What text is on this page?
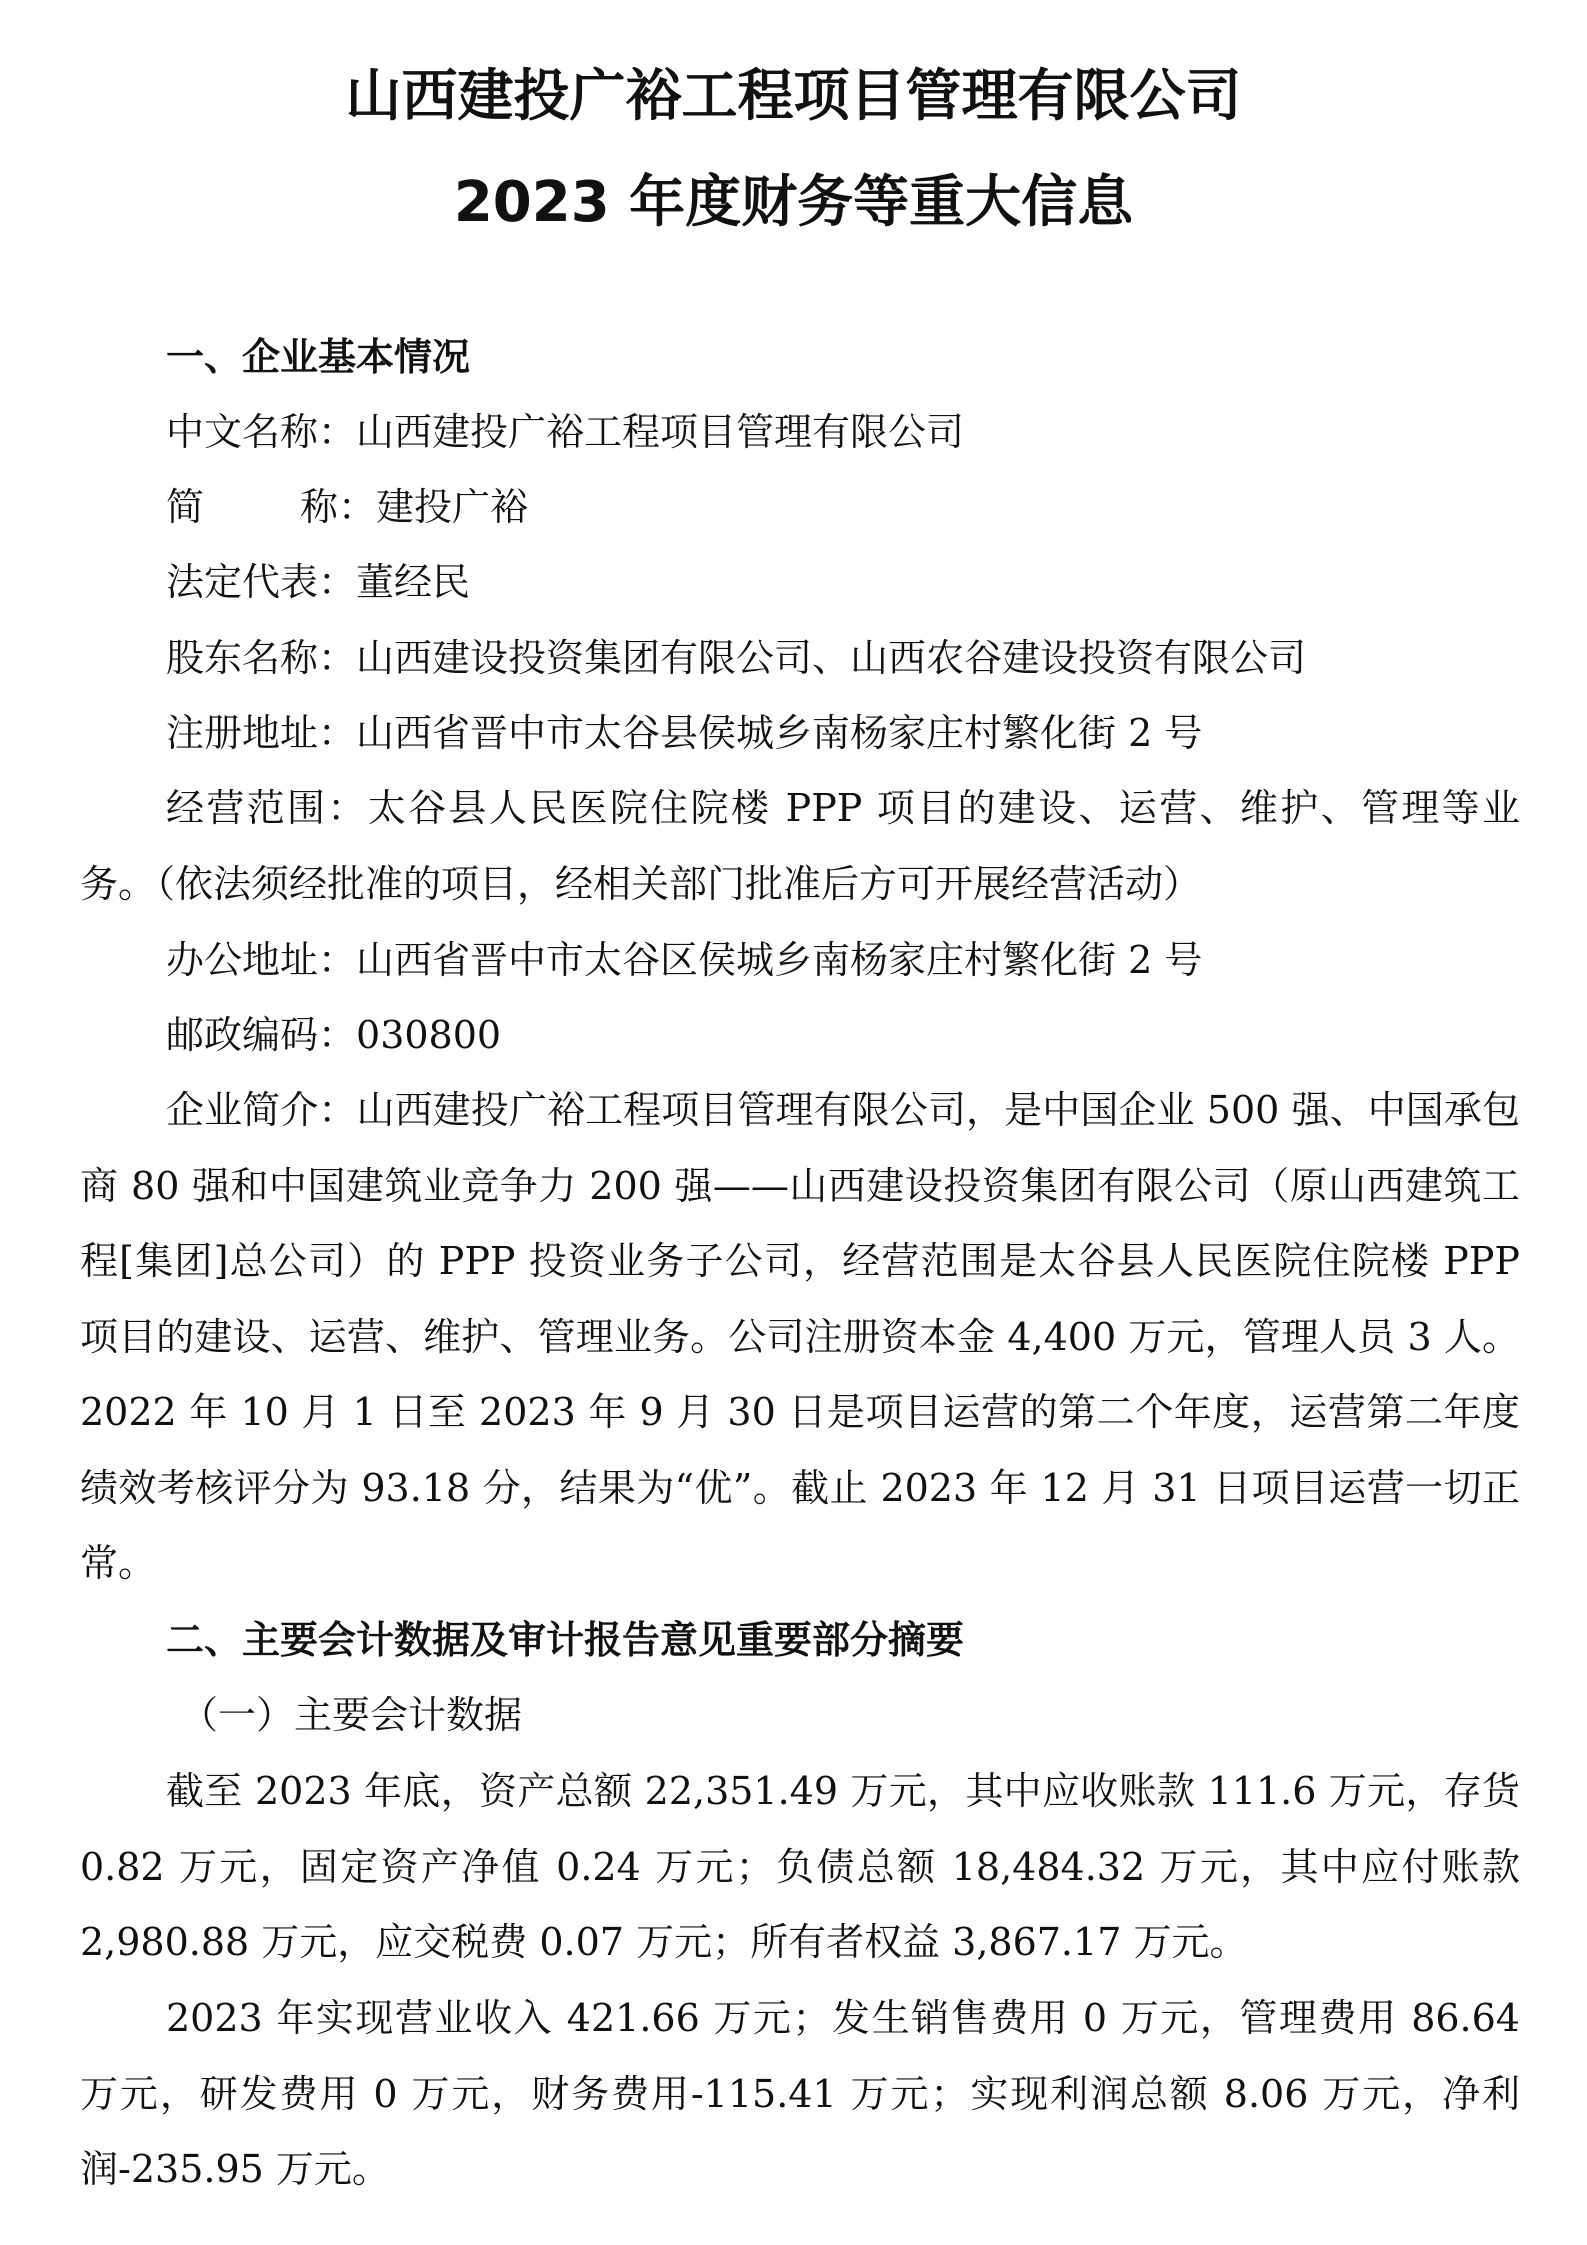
山西建投广裕工程项目管理有限公司
2023 年度财务等重大信息
一、企业基本情况
中文名称：山西建投广裕工程项目管理有限公司
简	称：建投广裕
法定代表：董经民
股东名称：山西建设投资集团有限公司、山西农谷建设投资有限公司
注册地址：山西省晋中市太谷县侯城乡南杨家庄村繁化街 2 号

经营范围：太谷县人民医院住院楼 PPP 项目的建设、运营、维护、管理等业务。（依法须经批准的项目，经相关部门批准后方可开展经营活动）

办公地址：山西省晋中市太谷区侯城乡南杨家庄村繁化街 2 号
邮政编码：030800

企业简介：山西建投广裕工程项目管理有限公司，是中国企业 500 强、中国承包商 80 强和中国建筑业竞争力 200 强——山西建设投资集团有限公司（原山西建筑工程[集团]总公司）的 PPP 投资业务子公司，经营范围是太谷县人民医院住院楼 PPP 项目的建设、运营、维护、管理业务。公司注册资本金 4,400 万元，管理人员 3 人。2022 年 10 月 1 日至 2023 年 9 月 30 日是项目运营的第二个年度，运营第二年度绩效考核评分为 93.18 分，结果为“优”。截止 2023 年 12 月 31 日项目运营一切正常。

二、主要会计数据及审计报告意见重要部分摘要
（一）主要会计数据

截至 2023 年底，资产总额 22,351.49 万元，其中应收账款 111.6 万元，存货 0.82 万元，固定资产净值 0.24 万元；负债总额 18,484.32 万元，其中应付账款 2,980.88 万元，应交税费 0.07 万元；所有者权益 3,867.17 万元。

2023 年实现营业收入 421.66 万元；发生销售费用 0 万元，管理费用 86.64 万元，研发费用 0 万元，财务费用-115.41 万元；实现利润总额 8.06 万元，净利润-235.95 万元。
